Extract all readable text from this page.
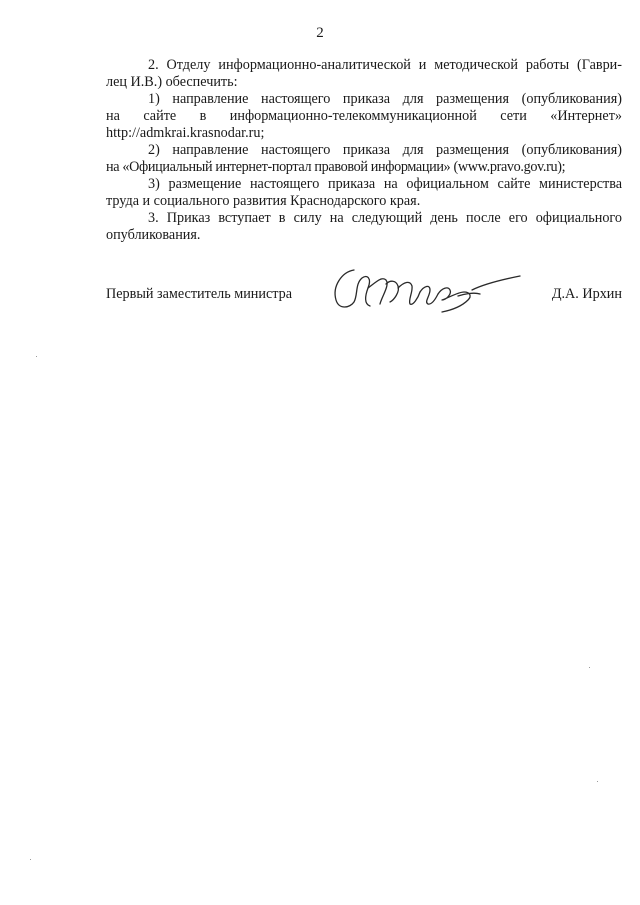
2

2. Отделу информационно-аналитической и методической работы (Гаври-
лец И.В.) обеспечить:

1) направление настоящего приказа для размещения (опубликования)
на сайте в информационно-телекоммуникационной сети «Интернет»
http://admkrai.krasnodar.ru;

2) направление настоящего приказа для размещения (опубликования)
на «Официальный интернет-портал правовой информации» (www.pravo.gov.ru);

3) размещение настоящего приказа на официальном сайте министерства
труда и социального развития Краснодарского края.

3. Приказ вступает в силу на следующий день после его официального
опубликования.

Первый заместитель министра	Д.А. Ирхин
